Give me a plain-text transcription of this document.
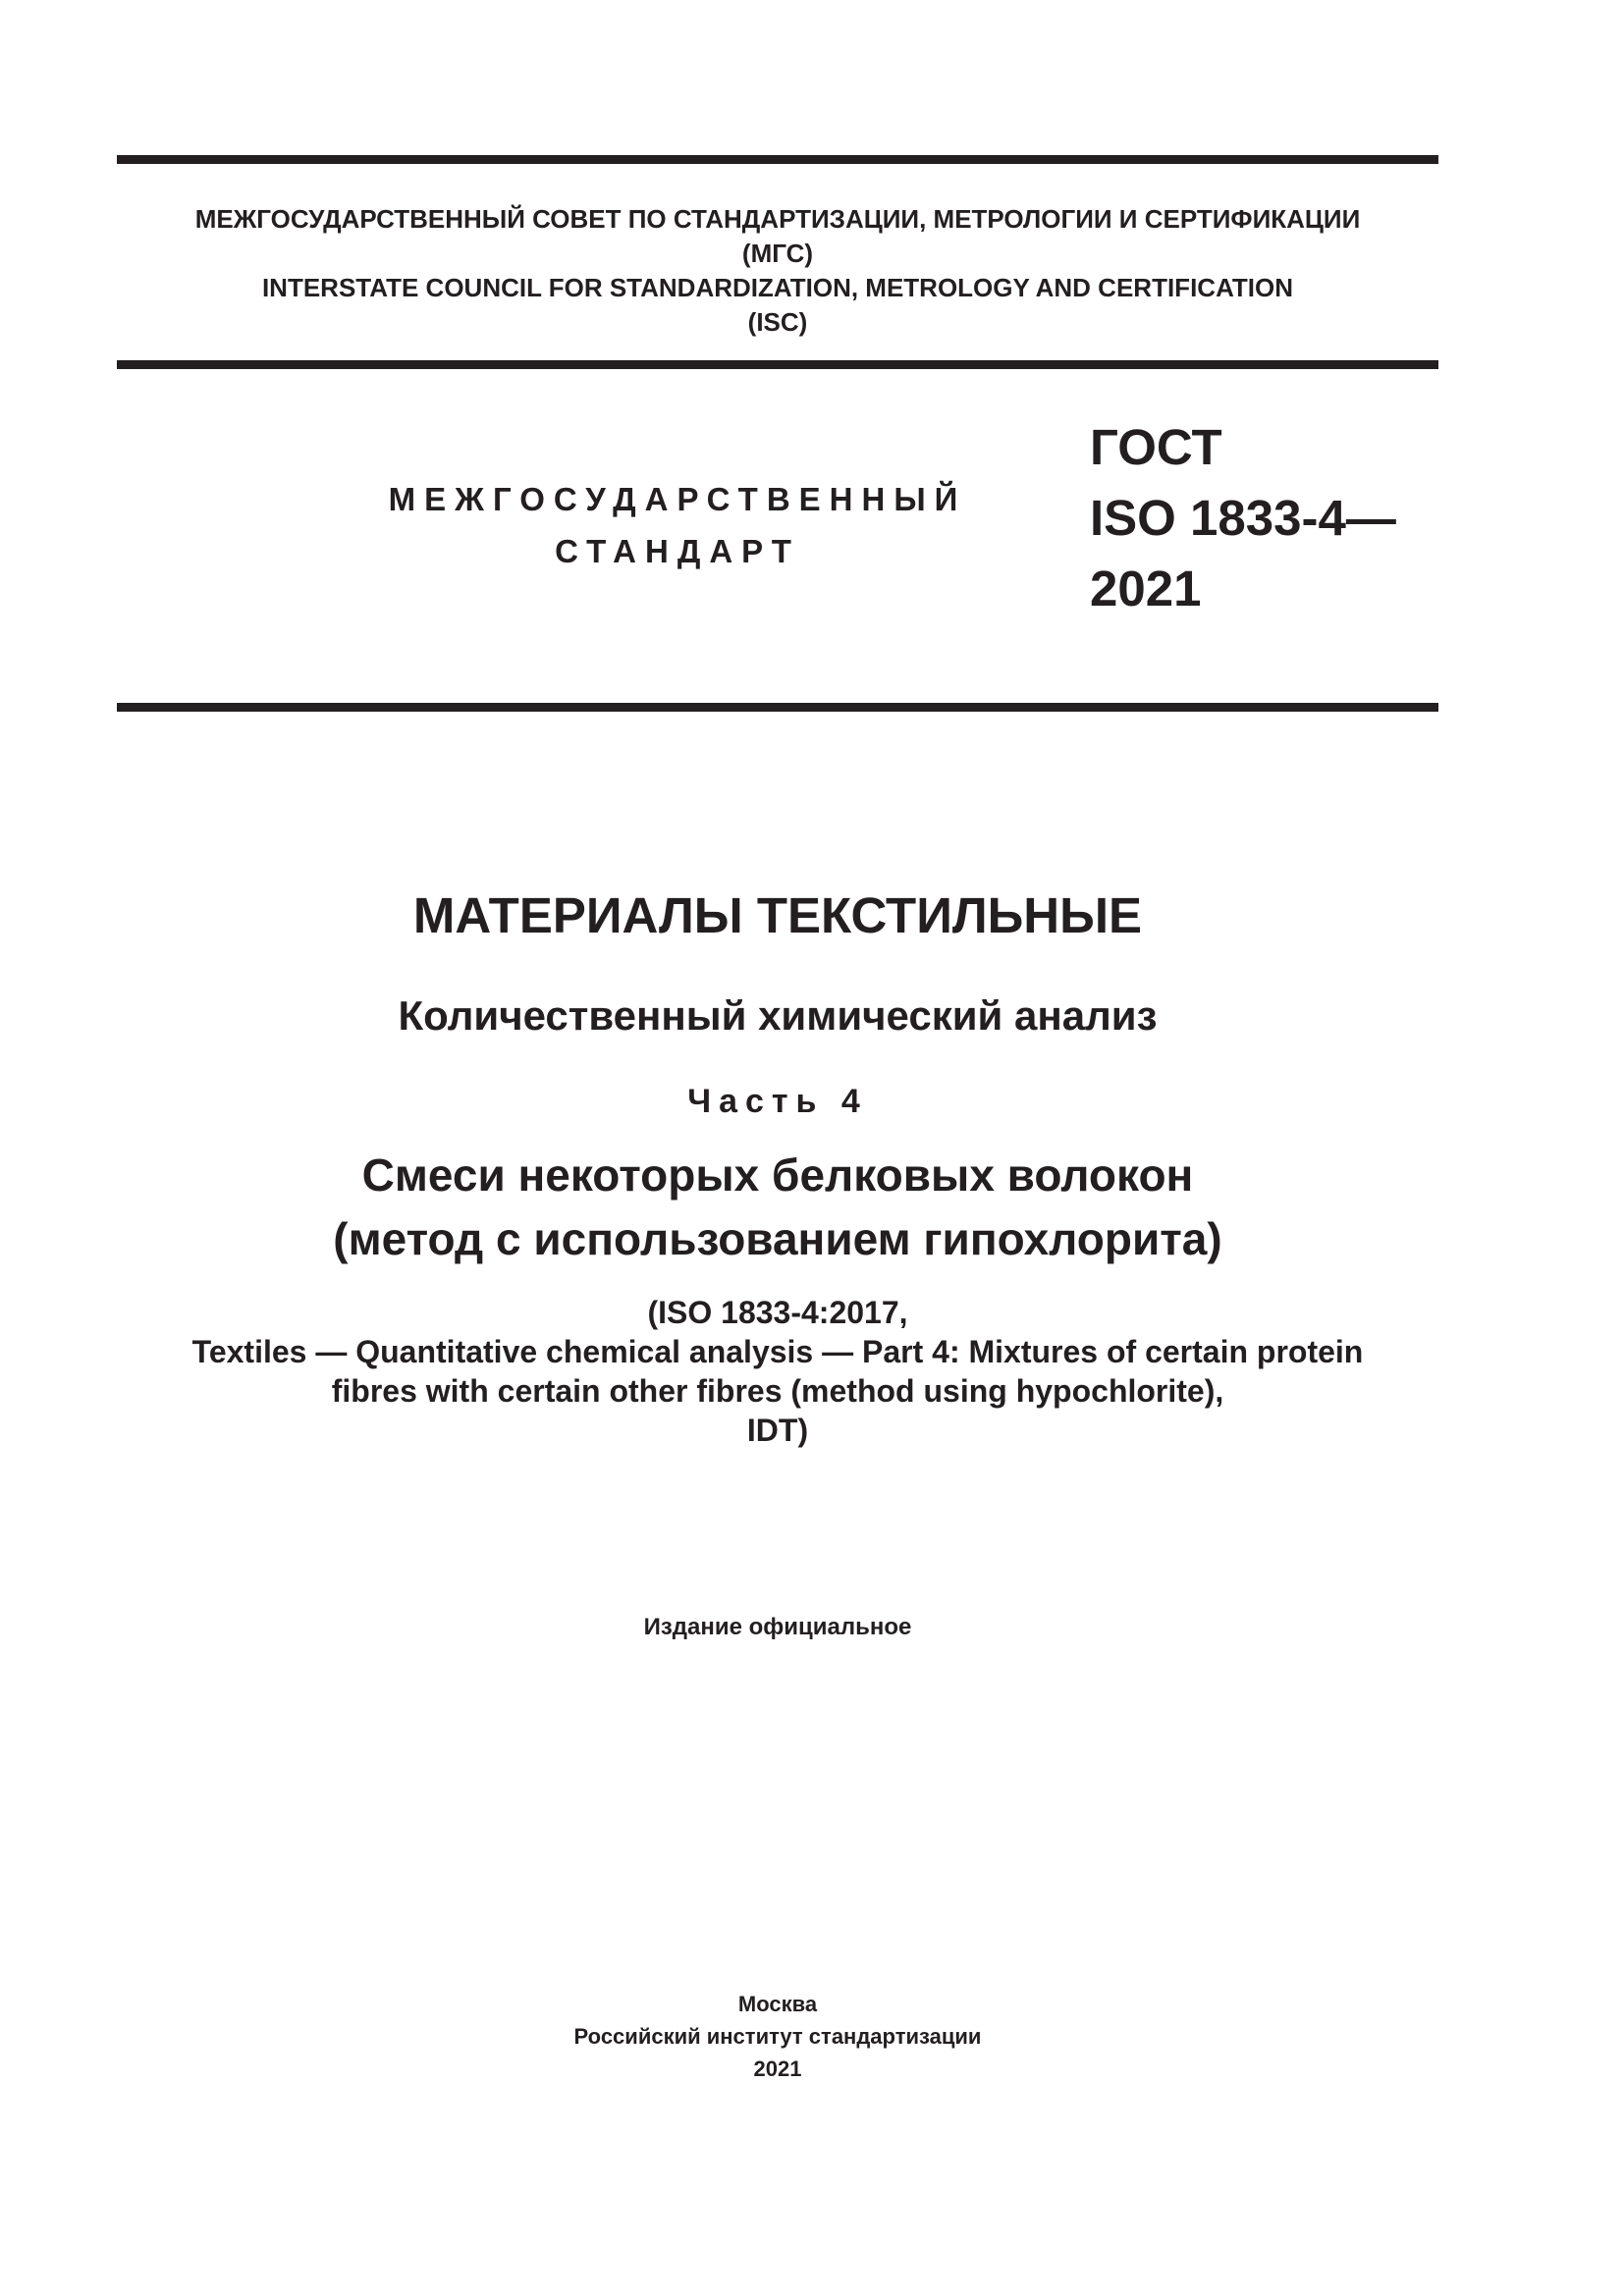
МЕЖГОСУДАРСТВЕННЫЙ СОВЕТ ПО СТАНДАРТИЗАЦИИ, МЕТРОЛОГИИ И СЕРТИФИКАЦИИ
(МГС)
INTERSTATE COUNCIL FOR STANDARDIZATION, METROLOGY AND CERTIFICATION
(ISC)
МЕЖГОСУДАРСТВЕННЫЙ
СТАНДАРТ
ГОСТ
ISO 1833-4—
2021
МАТЕРИАЛЫ ТЕКСТИЛЬНЫЕ
Количественный химический анализ
Часть 4
Смеси некоторых белковых волокон
(метод с использованием гипохлорита)
(ISO 1833-4:2017,
Textiles — Quantitative chemical analysis — Part 4: Mixtures of certain protein
fibres with certain other fibres (method using hypochlorite),
IDT)
Издание официальное
Москва
Российский институт стандартизации
2021
